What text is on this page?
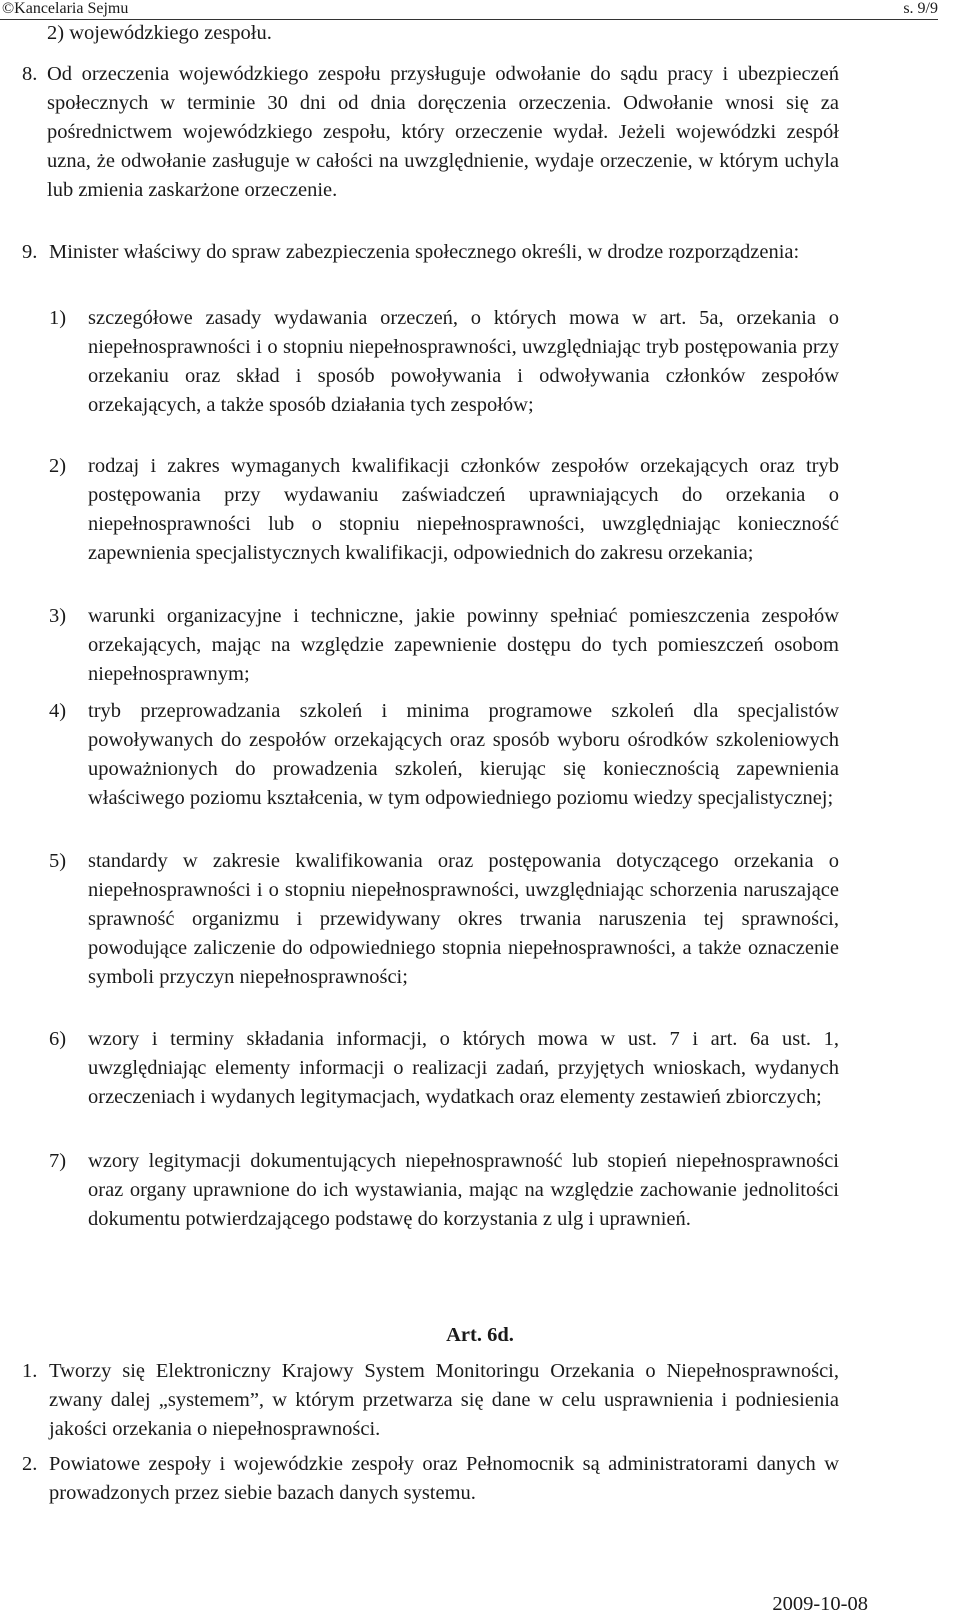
©Kancelaria Sejmu	s. 9/9
2) wojewódzkiego zespołu.
8. Od orzeczenia wojewódzkiego zespołu przysługuje odwołanie do sądu pracy i ubezpieczeń społecznych w terminie 30 dni od dnia doręczenia orzeczenia. Odwołanie wnosi się za pośrednictwem wojewódzkiego zespołu, który orzeczenie wydał. Jeżeli wojewódzki zespół uzna, że odwołanie zasługuje w całości na uwzględnienie, wydaje orzeczenie, w którym uchyla lub zmienia zaskarżone orzeczenie.
9. Minister właściwy do spraw zabezpieczenia społecznego określi, w drodze rozporządzenia:
1) szczegółowe zasady wydawania orzeczeń, o których mowa w art. 5a, orzekania o niepełnosprawności i o stopniu niepełnosprawności, uwzględniając tryb postępowania przy orzekaniu oraz skład i sposób powoływania i odwoływania członków zespołów orzekających, a także sposób działania tych zespołów;
2) rodzaj i zakres wymaganych kwalifikacji członków zespołów orzekających oraz tryb postępowania przy wydawaniu zaświadczeń uprawniających do orzekania o niepełnosprawności lub o stopniu niepełnosprawności, uwzględniając konieczność zapewnienia specjalistycznych kwalifikacji, odpowiednich do zakresu orzekania;
3) warunki organizacyjne i techniczne, jakie powinny spełniać pomieszczenia zespołów orzekających, mając na względzie zapewnienie dostępu do tych pomieszczeń osobom niepełnosprawnym;
4) tryb przeprowadzania szkoleń i minima programowe szkoleń dla specjalistów powoływanych do zespołów orzekających oraz sposób wyboru ośrodków szkoleniowych upoważnionych do prowadzenia szkoleń, kierując się koniecznością zapewnienia właściwego poziomu kształcenia, w tym odpowiedniego poziomu wiedzy specjalistycznej;
5) standardy w zakresie kwalifikowania oraz postępowania dotyczącego orzekania o niepełnosprawności i o stopniu niepełnosprawności, uwzględniając schorzenia naruszające sprawność organizmu i przewidywany okres trwania naruszenia tej sprawności, powodujące zaliczenie do odpowiedniego stopnia niepełnosprawności, a także oznaczenie symboli przyczyn niepełnosprawności;
6) wzory i terminy składania informacji, o których mowa w ust. 7 i art. 6a ust. 1, uwzględniając elementy informacji o realizacji zadań, przyjętych wnioskach, wydanych orzeczeniach i wydanych legitymacjach, wydatkach oraz elementy zestawień zbiorczych;
7) wzory legitymacji dokumentujących niepełnosprawność lub stopień niepełnosprawności oraz organy uprawnione do ich wystawiania, mając na względzie zachowanie jednolitości dokumentu potwierdzającego podstawę do korzystania z ulg i uprawnień.
Art. 6d.
1. Tworzy się Elektroniczny Krajowy System Monitoringu Orzekania o Niepełnosprawności, zwany dalej „systemem”, w którym przetwarza się dane w celu usprawnienia i podniesienia jakości orzekania o niepełnosprawności.
2. Powiatowe zespoły i wojewódzkie zespoły oraz Pełnomocnik są administratorami danych w prowadzonych przez siebie bazach danych systemu.
2009-10-08
